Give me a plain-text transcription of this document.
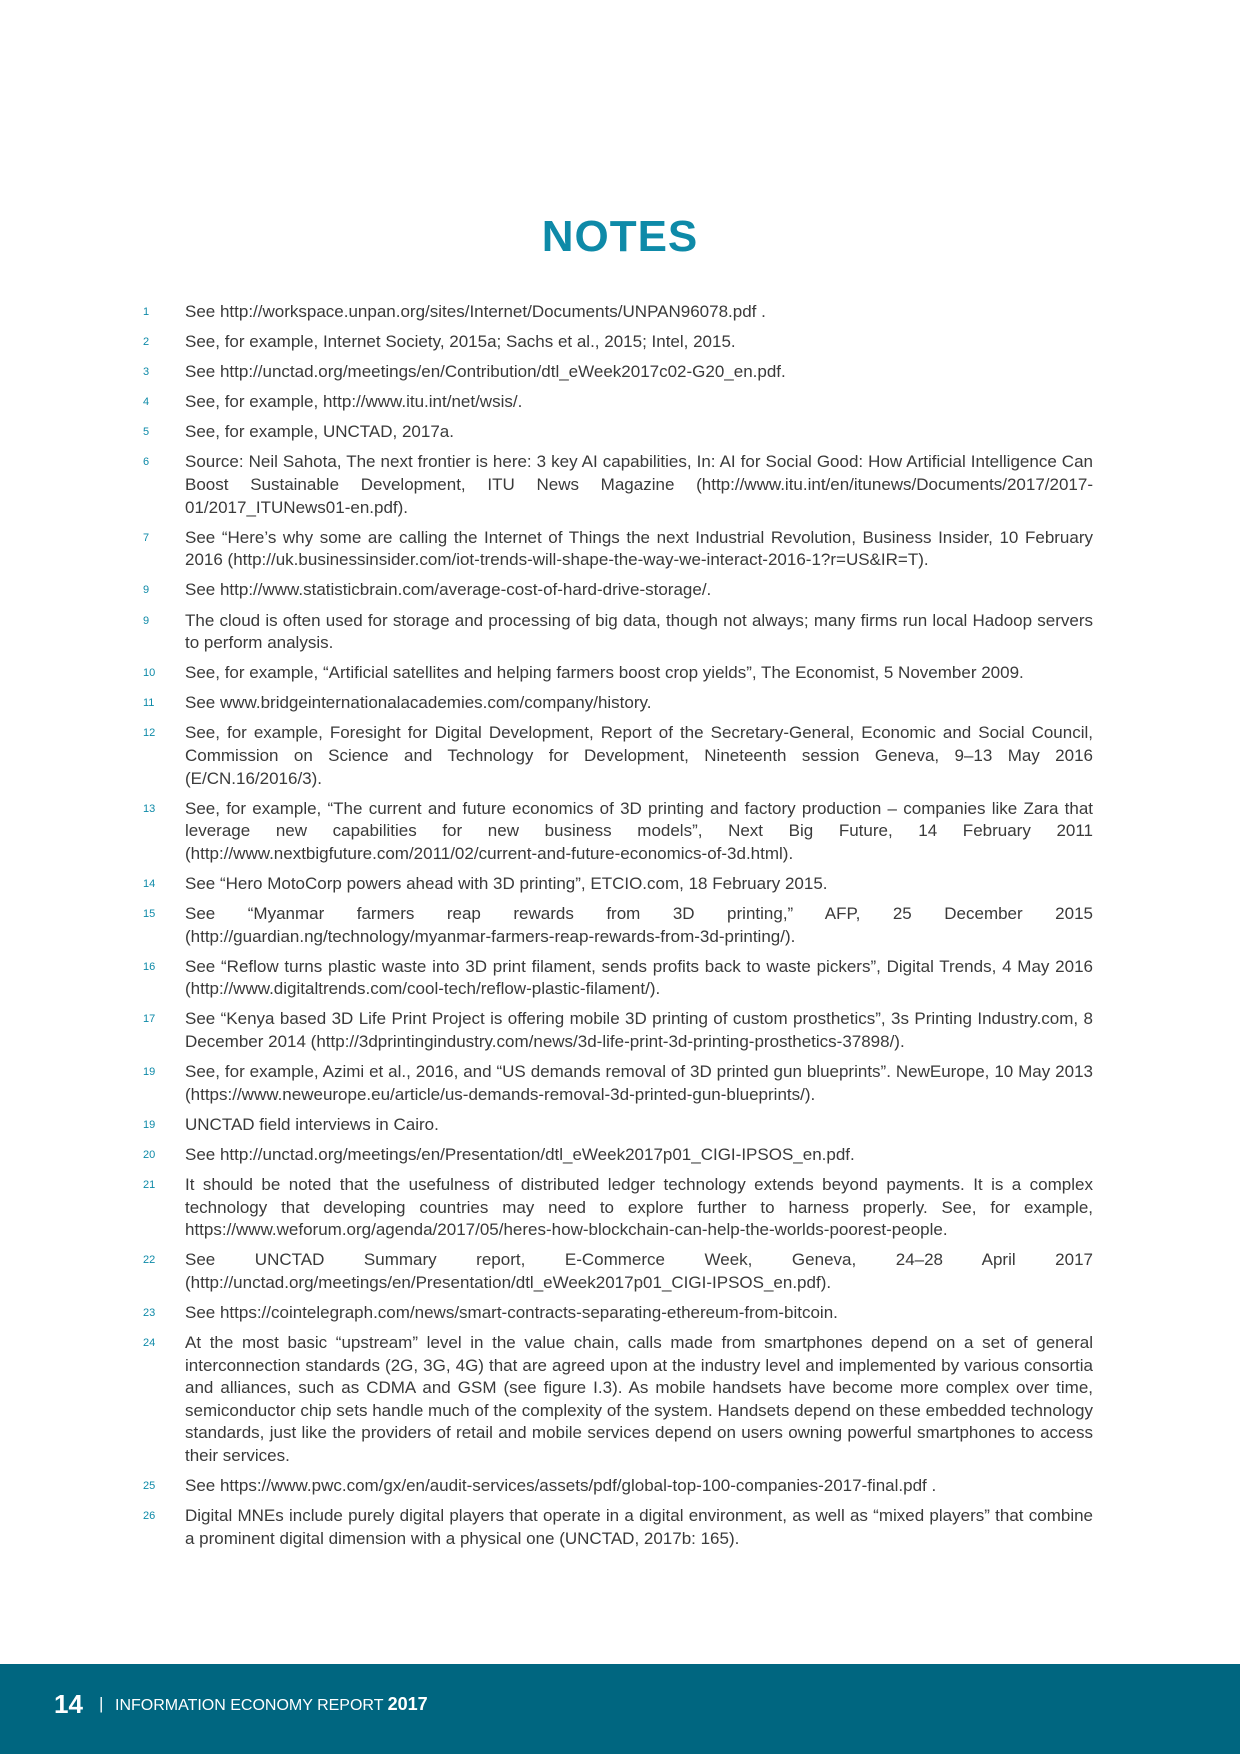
NOTES
1	See http://workspace.unpan.org/sites/Internet/Documents/UNPAN96078.pdf .
2	See, for example, Internet Society, 2015a; Sachs et al., 2015; Intel, 2015.
3	See http://unctad.org/meetings/en/Contribution/dtl_eWeek2017c02-G20_en.pdf.
4	See, for example, http://www.itu.int/net/wsis/.
5	See, for example, UNCTAD, 2017a.
6	Source: Neil Sahota, The next frontier is here: 3 key AI capabilities, In: AI for Social Good: How Artificial Intelligence Can Boost Sustainable Development, ITU News Magazine (http://www.itu.int/en/itunews/Documents/2017/2017-01/2017_ITUNews01-en.pdf).
7	See “Here’s why some are calling the Internet of Things the next Industrial Revolution, Business Insider, 10 February 2016 (http://uk.businessinsider.com/iot-trends-will-shape-the-way-we-interact-2016-1?r=US&IR=T).
9	See http://www.statisticbrain.com/average-cost-of-hard-drive-storage/.
9	The cloud is often used for storage and processing of big data, though not always; many firms run local Hadoop servers to perform analysis.
10	See, for example, “Artificial satellites and helping farmers boost crop yields”, The Economist, 5 November 2009.
11	See www.bridgeinternationalacademies.com/company/history.
12	See, for example, Foresight for Digital Development, Report of the Secretary-General, Economic and Social Council, Commission on Science and Technology for Development, Nineteenth session Geneva, 9–13 May 2016 (E/CN.16/2016/3).
13	See, for example, “The current and future economics of 3D printing and factory production – companies like Zara that leverage new capabilities for new business models”, Next Big Future, 14 February 2011 (http://www.nextbigfuture.com/2011/02/current-and-future-economics-of-3d.html).
14	See “Hero MotoCorp powers ahead with 3D printing”, ETCIO.com, 18 February 2015.
15	See “Myanmar farmers reap rewards from 3D printing,” AFP, 25 December 2015 (http://guardian.ng/technology/myanmar-farmers-reap-rewards-from-3d-printing/).
16	See “Reflow turns plastic waste into 3D print filament, sends profits back to waste pickers”, Digital Trends, 4 May 2016 (http://www.digitaltrends.com/cool-tech/reflow-plastic-filament/).
17	See “Kenya based 3D Life Print Project is offering mobile 3D printing of custom prosthetics”, 3s Printing Industry.com, 8 December 2014 (http://3dprintingindustry.com/news/3d-life-print-3d-printing-prosthetics-37898/).
19	See, for example, Azimi et al., 2016, and “US demands removal of 3D printed gun blueprints”. NewEurope, 10 May 2013 (https://www.neweurope.eu/article/us-demands-removal-3d-printed-gun-blueprints/).
19	UNCTAD field interviews in Cairo.
20	See http://unctad.org/meetings/en/Presentation/dtl_eWeek2017p01_CIGI-IPSOS_en.pdf.
21	It should be noted that the usefulness of distributed ledger technology extends beyond payments. It is a complex technology that developing countries may need to explore further to harness properly. See, for example, https://www.weforum.org/agenda/2017/05/heres-how-blockchain-can-help-the-worlds-poorest-people.
22	See UNCTAD Summary report, E-Commerce Week, Geneva, 24–28 April 2017 (http://unctad.org/meetings/en/Presentation/dtl_eWeek2017p01_CIGI-IPSOS_en.pdf).
23	See https://cointelegraph.com/news/smart-contracts-separating-ethereum-from-bitcoin.
24	At the most basic “upstream” level in the value chain, calls made from smartphones depend on a set of general interconnection standards (2G, 3G, 4G) that are agreed upon at the industry level and implemented by various consortia and alliances, such as CDMA and GSM (see figure I.3). As mobile handsets have become more complex over time, semiconductor chip sets handle much of the complexity of the system. Handsets depend on these embedded technology standards, just like the providers of retail and mobile services depend on users owning powerful smartphones to access their services.
25	See https://www.pwc.com/gx/en/audit-services/assets/pdf/global-top-100-companies-2017-final.pdf .
26	Digital MNEs include purely digital players that operate in a digital environment, as well as “mixed players” that combine a prominent digital dimension with a physical one (UNCTAD, 2017b: 165).
14 | INFORMATION ECONOMY REPORT 2017
